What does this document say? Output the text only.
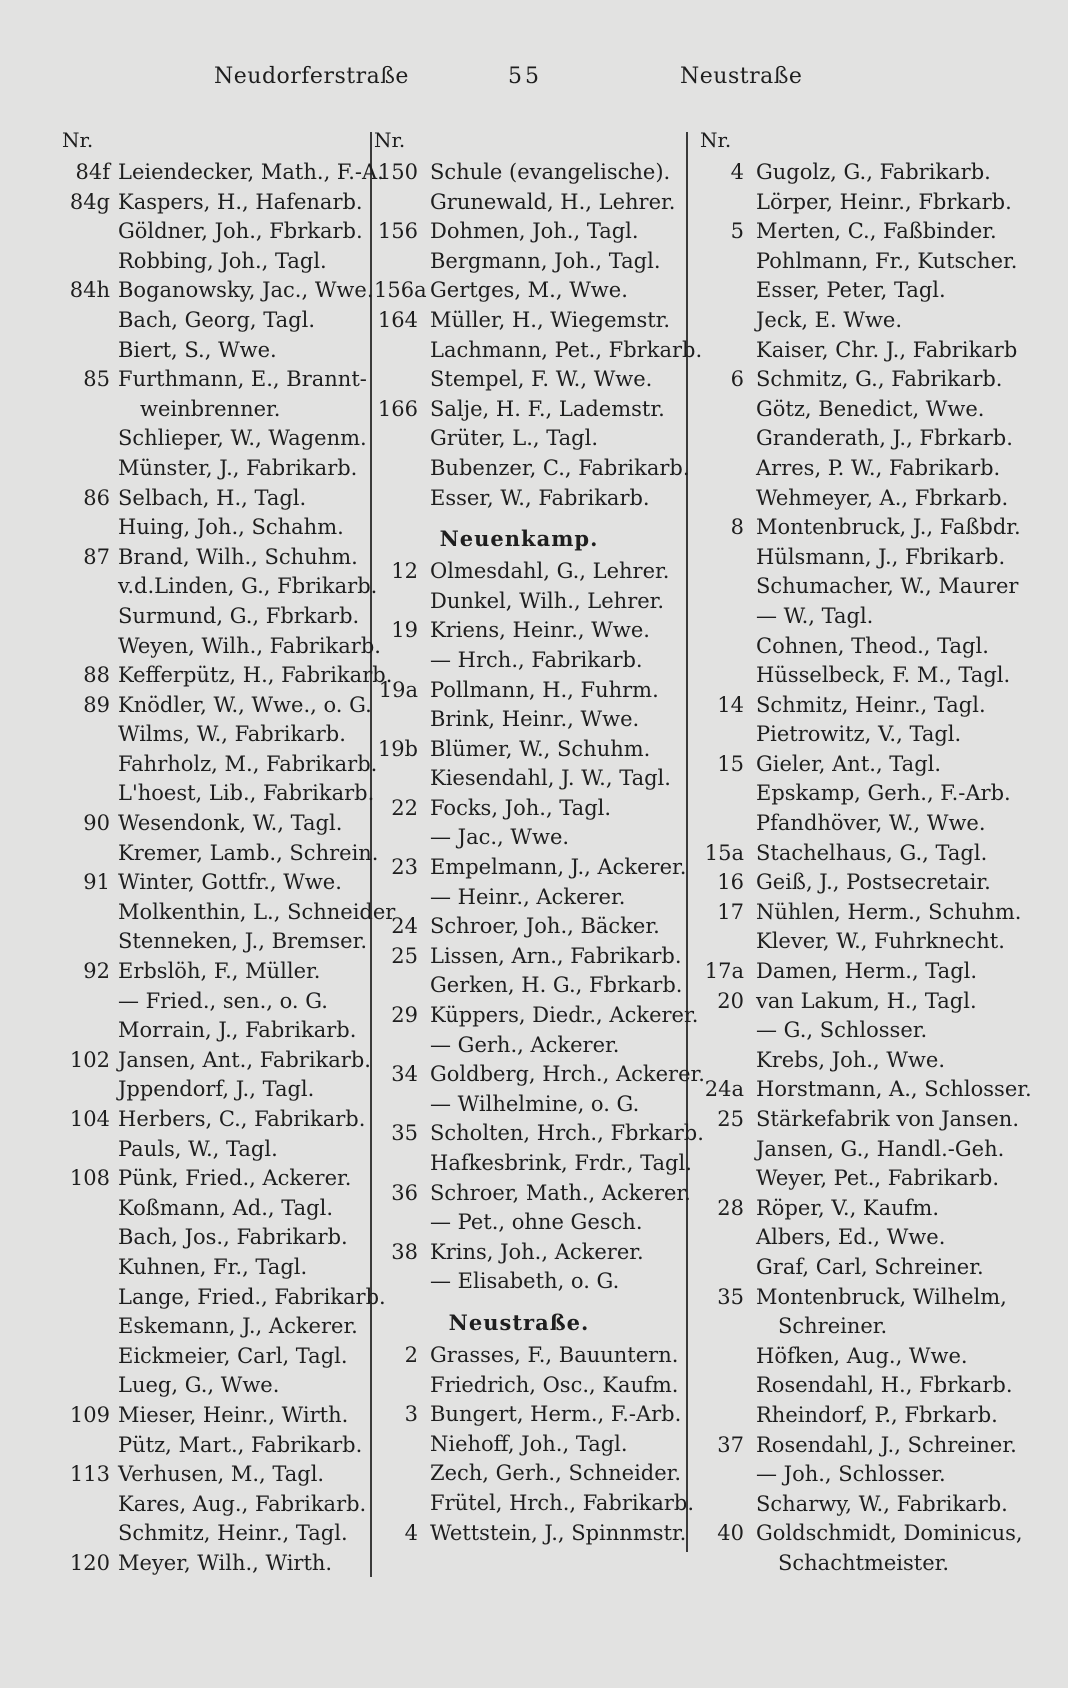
Neudorferstraße	55	Neustraße
Nr.
84f Leiendecker, Math., F.-A.
84g Kaspers, H., Hafenarb.
Göldner, Joh., Fbrkarb.
Robbing, Joh., Tagl.
84h Boganowsky, Jac., Wwe.
Bach, Georg, Tagl.
Biert, S., Wwe.
85 Furthmann, E., Brannt-
weinbrenner.
Schlieper, W., Wagenm.
Münster, J., Fabrikarb.
86 Selbach, H., Tagl.
Huing, Joh., Schahm.
87 Brand, Wilh., Schuhm.
v.d.Linden, G., Fbrikarb.
Surmund, G., Fbrkarb.
Weyen, Wilh., Fabrikarb.
88 Kefferpütz, H., Fabrikarb.
89 Knödler, W., Wwe., o. G.
Wilms, W., Fabrikarb.
Fahrholz, M., Fabrikarb.
L'hoest, Lib., Fabrikarb.
90 Wesendonk, W., Tagl.
Kremer, Lamb., Schrein.
91 Winter, Gottfr., Wwe.
Molkenthin, L., Schneider
Stenneken, J., Bremser.
92 Erbslöh, F., Müller.
— Fried., sen., o. G.
Morrain, J., Fabrikarb.
102 Jansen, Ant., Fabrikarb.
Jppendorf, J., Tagl.
104 Herbers, C., Fabrikarb.
Pauls, W., Tagl.
108 Pünk, Fried., Ackerer.
Koßmann, Ad., Tagl.
Bach, Jos., Fabrikarb.
Kuhnen, Fr., Tagl.
Lange, Fried., Fabrikarb.
Eskemann, J., Ackerer.
Eickmeier, Carl, Tagl.
Lueg, G., Wwe.
109 Mieser, Heinr., Wirth.
Pütz, Mart., Fabrikarb.
113 Verhusen, M., Tagl.
Kares, Aug., Fabrikarb.
Schmitz, Heinr., Tagl.
120 Meyer, Wilh., Wirth.
Nr.
150 Schule (evangelische).
Grunewald, H., Lehrer.
156 Dohmen, Joh., Tagl.
Bergmann, Joh., Tagl.
156a Gertges, M., Wwe.
164 Müller, H., Wiegemstr.
Lachmann, Pet., Fbrkarb.
Stempel, F. W., Wwe.
166 Salje, H. F., Lademstr.
Grüter, L., Tagl.
Bubenzer, C., Fabrikarb.
Esser, W., Fabrikarb.
Neuenkamp.
12 Olmesdahl, G., Lehrer.
Dunkel, Wilh., Lehrer.
19 Kriens, Heinr., Wwe.
— Hrch., Fabrikarb.
19a Pollmann, H., Fuhrm.
Brink, Heinr., Wwe.
19b Blümer, W., Schuhm.
Kiesendahl, J. W., Tagl.
22 Focks, Joh., Tagl.
— Jac., Wwe.
23 Empelmann, J., Ackerer.
— Heinr., Ackerer.
24 Schroer, Joh., Bäcker.
25 Lissen, Arn., Fabrikarb.
Gerken, H. G., Fbrkarb.
29 Küppers, Diedr., Ackerer.
— Gerh., Ackerer.
34 Goldberg, Hrch., Ackerer.
— Wilhelmine, o. G.
35 Scholten, Hrch., Fbrkarb.
Hafkesbrink, Frdr., Tagl.
36 Schroer, Math., Ackerer.
— Pet., ohne Gesch.
38 Krins, Joh., Ackerer.
— Elisabeth, o. G.
Neustraße.
2 Grasses, F., Bauuntern.
Friedrich, Osc., Kaufm.
3 Bungert, Herm., F.-Arb.
Niehoff, Joh., Tagl.
Zech, Gerh., Schneider.
Frütel, Hrch., Fabrikarb.
4 Wettstein, J., Spinnmstr.
Nr.
4 Gugolz, G., Fabrikarb.
Lörper, Heinr., Fbrkarb.
5 Merten, C., Faßbinder.
Pohlmann, Fr., Kutscher.
Esser, Peter, Tagl.
Jeck, E. Wwe.
Kaiser, Chr. J., Fabrikarb
6 Schmitz, G., Fabrikarb.
Götz, Benedict, Wwe.
Granderath, J., Fbrkarb.
Arres, P. W., Fabrikarb.
Wehmeyer, A., Fbrkarb.
8 Montenbruck, J., Faßbdr.
Hülsmann, J., Fbrikarb.
Schumacher, W., Maurer
— W., Tagl.
Cohnen, Theod., Tagl.
Hüsselbeck, F. M., Tagl.
14 Schmitz, Heinr., Tagl.
Pietrowitz, V., Tagl.
15 Gieler, Ant., Tagl.
Epskamp, Gerh., F.-Arb.
Pfandhöver, W., Wwe.
15a Stachelhaus, G., Tagl.
16 Geiß, J., Postsecretair.
17 Nühlen, Herm., Schuhm.
Klever, W., Fuhrknecht.
17a Damen, Herm., Tagl.
20 van Lakum, H., Tagl.
— G., Schlosser.
Krebs, Joh., Wwe.
24a Horstmann, A., Schlosser.
25 Stärkefabrik von Jansen.
Jansen, G., Handl.-Geh.
Weyer, Pet., Fabrikarb.
28 Röper, V., Kaufm.
Albers, Ed., Wwe.
Graf, Carl, Schreiner.
35 Montenbruck, Wilhelm,
Schreiner.
Höfken, Aug., Wwe.
Rosendahl, H., Fbrkarb.
Rheindorf, P., Fbrkarb.
37 Rosendahl, J., Schreiner.
— Joh., Schlosser.
Scharwy, W., Fabrikarb.
40 Goldschmidt, Dominicus,
Schachtmeister.
